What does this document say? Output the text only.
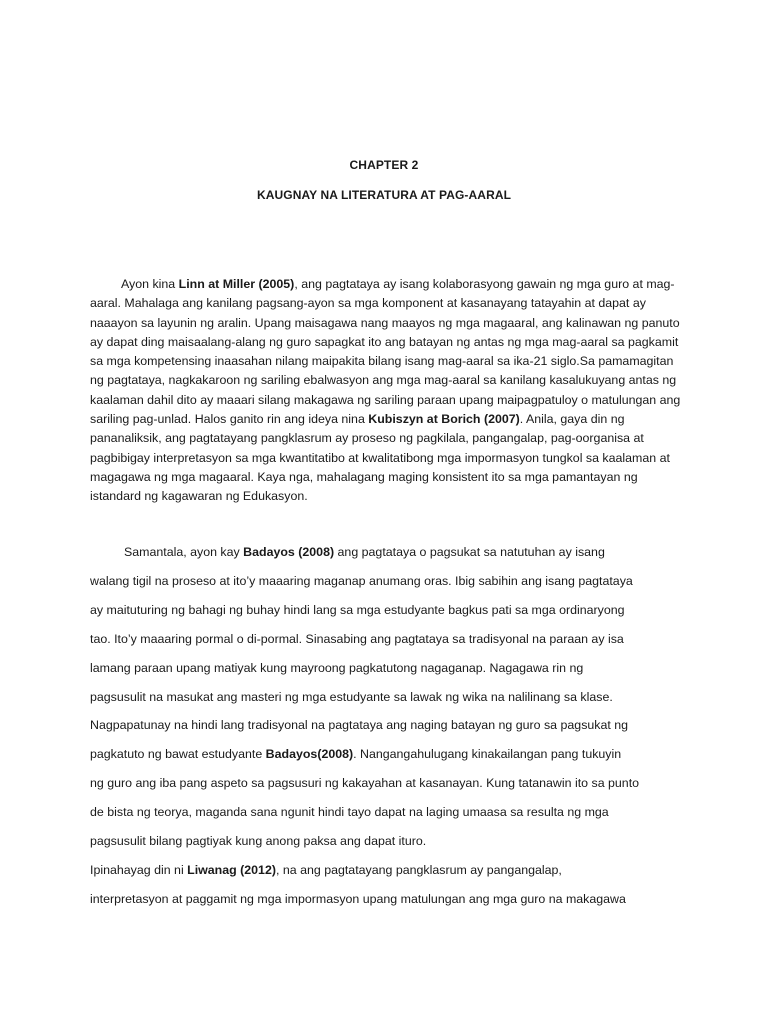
CHAPTER 2
KAUGNAY NA LITERATURA AT PAG-AARAL

Ayon kina Linn at Miller (2005), ang pagtataya ay isang kolaborasyong gawain ng mga guro at mag-aaral. Mahalaga ang kanilang pagsang-ayon sa mga komponent at kasanayang tatayahin at dapat ay naaayon sa layunin ng aralin. Upang maisagawa nang maayos ng mga magaaral, ang kalinawan ng panuto ay dapat ding maisaalang-alang ng guro sapagkat ito ang batayan ng antas ng mga mag-aaral sa pagkamit sa mga kompetensing inaasahan nilang maipakita bilang isang mag-aaral sa ika-21 siglo.Sa pamamagitan ng pagtataya, nagkakaroon ng sariling ebalwasyon ang mga mag-aaral sa kanilang kasalukuyang antas ng kaalaman dahil dito ay maaari silang makagawa ng sariling paraan upang maipagpatuloy o matulungan ang sariling pag-unlad. Halos ganito rin ang ideya nina Kubiszyn at Borich (2007). Anila, gaya din ng pananaliksik, ang pagtatayang pangklasrum ay proseso ng pagkilala, pangangalap, pag-oorganisa at pagbibigay interpretasyon sa mga kwantitatibo at kwalitatibong mga impormasyon tungkol sa kaalaman at magagawa ng mga magaaral. Kaya nga, mahalagang maging konsistent ito sa mga pamantayan ng istandard ng kagawaran ng Edukasyon.

Samantala, ayon kay Badayos (2008) ang pagtataya o pagsukat sa natutuhan ay isang
walang tigil na proseso at ito’y maaaring maganap anumang oras. Ibig sabihin ang isang pagtataya
ay maituturing ng bahagi ng buhay hindi lang sa mga estudyante bagkus pati sa mga ordinaryong
tao. Ito’y maaaring pormal o di-pormal. Sinasabing ang pagtataya sa tradisyonal na paraan ay isa
lamang paraan upang matiyak kung mayroong pagkatutong nagaganap. Nagagawa rin ng
pagsusulit na masukat ang masteri ng mga estudyante sa lawak ng wika na nalilinang sa klase.
Nagpapatunay na hindi lang tradisyonal na pagtataya ang naging batayan ng guro sa pagsukat ng
pagkatuto ng bawat estudyante Badayos(2008). Nangangahulugang kinakailangan pang tukuyin
ng guro ang iba pang aspeto sa pagsusuri ng kakayahan at kasanayan. Kung tatanawin ito sa punto
de bista ng teorya, maganda sana ngunit hindi tayo dapat na laging umaasa sa resulta ng mga
pagsusulit bilang pagtiyak kung anong paksa ang dapat ituro.
Ipinahayag din ni Liwanag (2012), na ang pagtatayang pangklasrum ay pangangalap,
interpretasyon at paggamit ng mga impormasyon upang matulungan ang mga guro na makagawa
